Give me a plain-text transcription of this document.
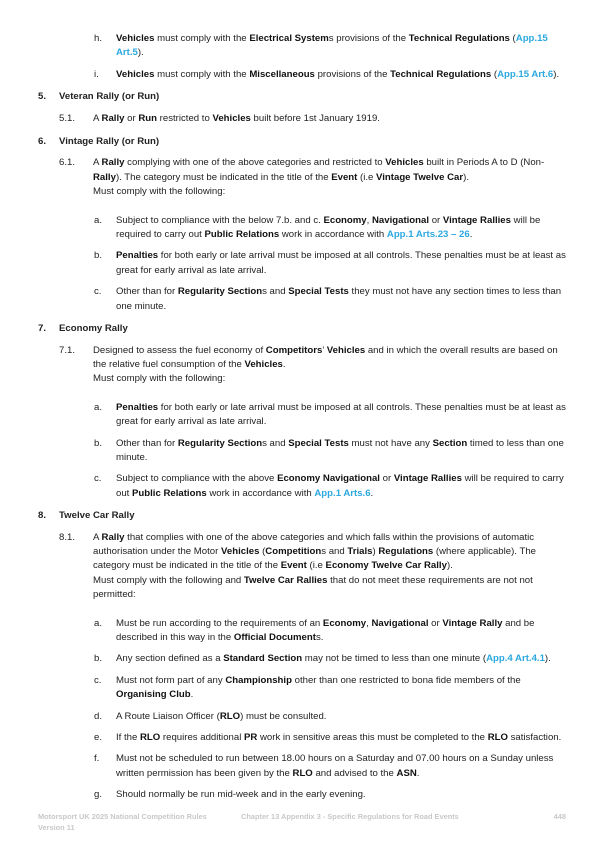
h. Vehicles must comply with the Electrical Systems provisions of the Technical Regulations (App.15 Art.5).
i. Vehicles must comply with the Miscellaneous provisions of the Technical Regulations (App.15 Art.6).
5. Veteran Rally (or Run)
5.1. A Rally or Run restricted to Vehicles built before 1st January 1919.
6. Vintage Rally (or Run)
6.1. A Rally complying with one of the above categories and restricted to Vehicles built in Periods A to D (Non- Rally). The category must be indicated in the title of the Event (i.e Vintage Twelve Car).
Must comply with the following:
a. Subject to compliance with the below 7.b. and c. Economy, Navigational or Vintage Rallies will be required to carry out Public Relations work in accordance with App.1 Arts.23 – 26.
b. Penalties for both early or late arrival must be imposed at all controls. These penalties must be at least as great for early arrival as late arrival.
c. Other than for Regularity Sections and Special Tests they must not have any section times to less than one minute.
7. Economy Rally
7.1. Designed to assess the fuel economy of Competitors’ Vehicles and in which the overall results are based on the relative fuel consumption of the Vehicles.
Must comply with the following:
a. Penalties for both early or late arrival must be imposed at all controls. These penalties must be at least as great for early arrival as late arrival.
b. Other than for Regularity Sections and Special Tests must not have any Section timed to less than one minute.
c. Subject to compliance with the above Economy Navigational or Vintage Rallies will be required to carry out Public Relations work in accordance with App.1 Arts.6.
8. Twelve Car Rally
8.1. A Rally that complies with one of the above categories and which falls within the provisions of automatic authorisation under the Motor Vehicles (Competitions and Trials) Regulations (where applicable). The category must be indicated in the title of the Event (i.e Economy Twelve Car Rally).
Must comply with the following and Twelve Car Rallies that do not meet these requirements are not not permitted:
a. Must be run according to the requirements of an Economy, Navigational or Vintage Rally and be described in this way in the Official Documents.
b. Any section defined as a Standard Section may not be timed to less than one minute (App.4 Art.4.1).
c. Must not form part of any Championship other than one restricted to bona fide members of the Organising Club.
d. A Route Liaison Officer (RLO) must be consulted.
e. If the RLO requires additional PR work in sensitive areas this must be completed to the RLO satisfaction.
f. Must not be scheduled to run between 18.00 hours on a Saturday and 07.00 hours on a Sunday unless written permission has been given by the RLO and advised to the ASN.
g. Should normally be run mid-week and in the early evening.
Motorsport UK 2025 National Competition Rules
Version 11
Chapter 13 Appendix 3 - Specific Regulations for Road Events	448
